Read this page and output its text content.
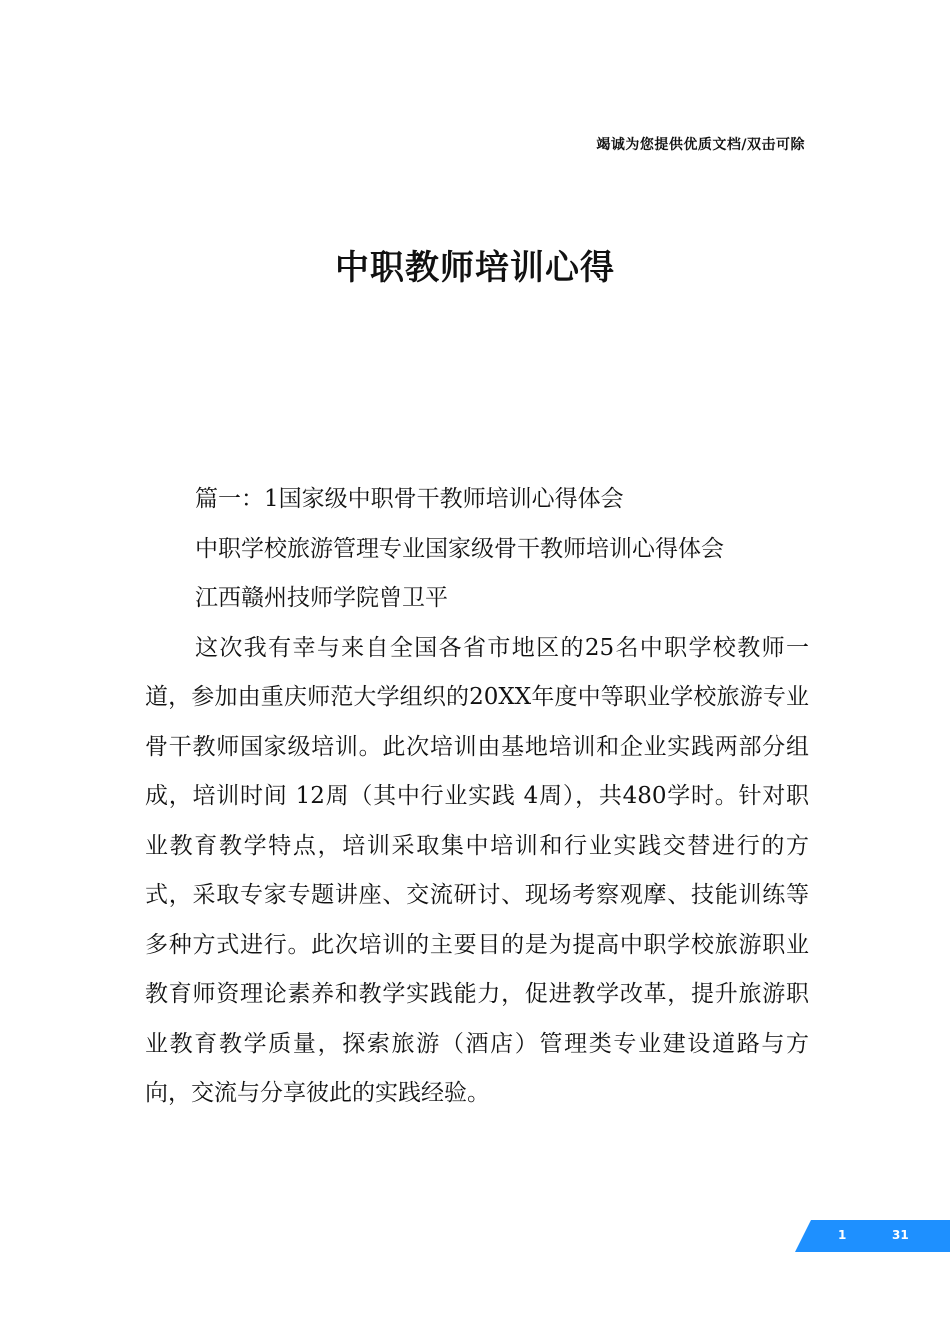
竭诚为您提供优质文档/双击可除
中职教师培训心得

篇一：1国家级中职骨干教师培训心得体会

中职学校旅游管理专业国家级骨干教师培训心得体会

江西赣州技师学院曾卫平

这次我有幸与来自全国各省市地区的25名中职学校教师一道，参加由重庆师范大学组织的20XX年度中等职业学校旅游专业骨干教师国家级培训。此次培训由基地培训和企业实践两部分组成，培训时间 12周（其中行业实践 4周），共480学时。针对职业教育教学特点，培训采取集中培训和行业实践交替进行的方式，采取专家专题讲座、交流研讨、现场考察观摩、技能训练等多种方式进行。此次培训的主要目的是为提高中职学校旅游职业教育师资理论素养和教学实践能力，促进教学改革，提升旅游职业教育教学质量，探索旅游（酒店）管理类专业建设道路与方向，交流与分享彼此的实践经验。

1	31
